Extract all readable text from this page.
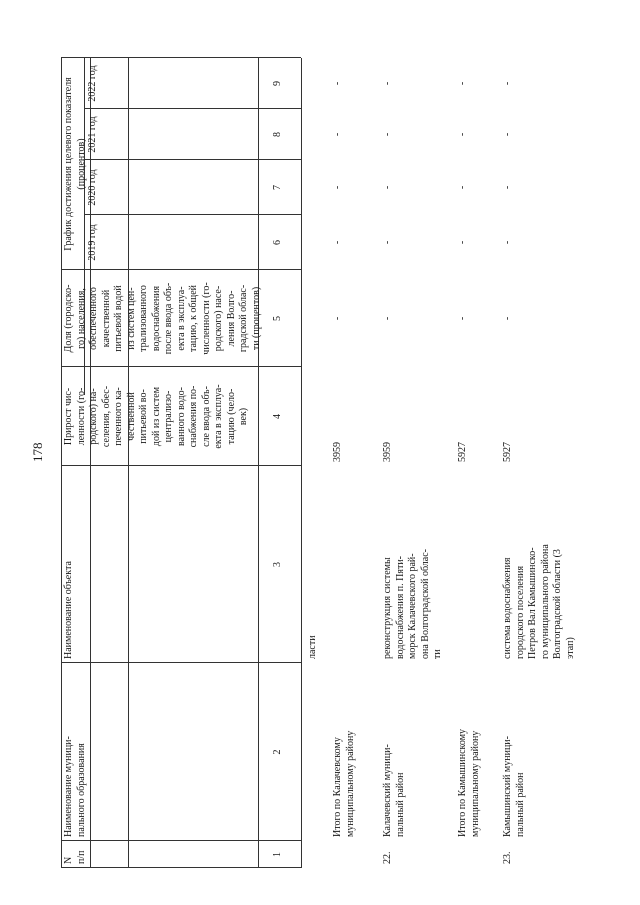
178
N
п/п
Наименование муници-
пального образования
Наименование объекта
Прирост чис-
ленности (го-
родского) на-
селения, обес-
печенного ка-
чественной
питьевой во-
дой из систем
централизо-
ванного водо-
снабжения по-
сле ввода объ-
екта в эксплуа-
тацию (чело-
век)
Доля (городско-
го) населения,
обеспеченного
качественной
питьевой водой
из систем цен-
трализованного
водоснабжения
после ввода объ-
екта в эксплуа-
тацию, к общей
численности (го-
родского) насе-
ления Волго-
градской облас-
ти (процентов)
График достижения целевого показателя (процентов)
2019 год
2020 год
2021 год
2022 год
1
2
3
4
5
6
7
8
9
ласти
Итого по Калачевскому
муниципальному району
3959
-
-
-
-
-
22.
Калачевский муници-
пальный район
реконструкция системы
водоснабжения п. Пяти-
морск Калачевского рай-
она Волгоградской облас-
ти
3959
-
-
-
-
-
Итого по Камышинскому
муниципальному району
5927
-
-
-
-
-
23.
Камышинский муници-
пальный район
система водоснабжения
городского поселения
Петров Вал Камышинско-
го муниципального района
Волгоградской области (3
этап)
5927
-
-
-
-
-
